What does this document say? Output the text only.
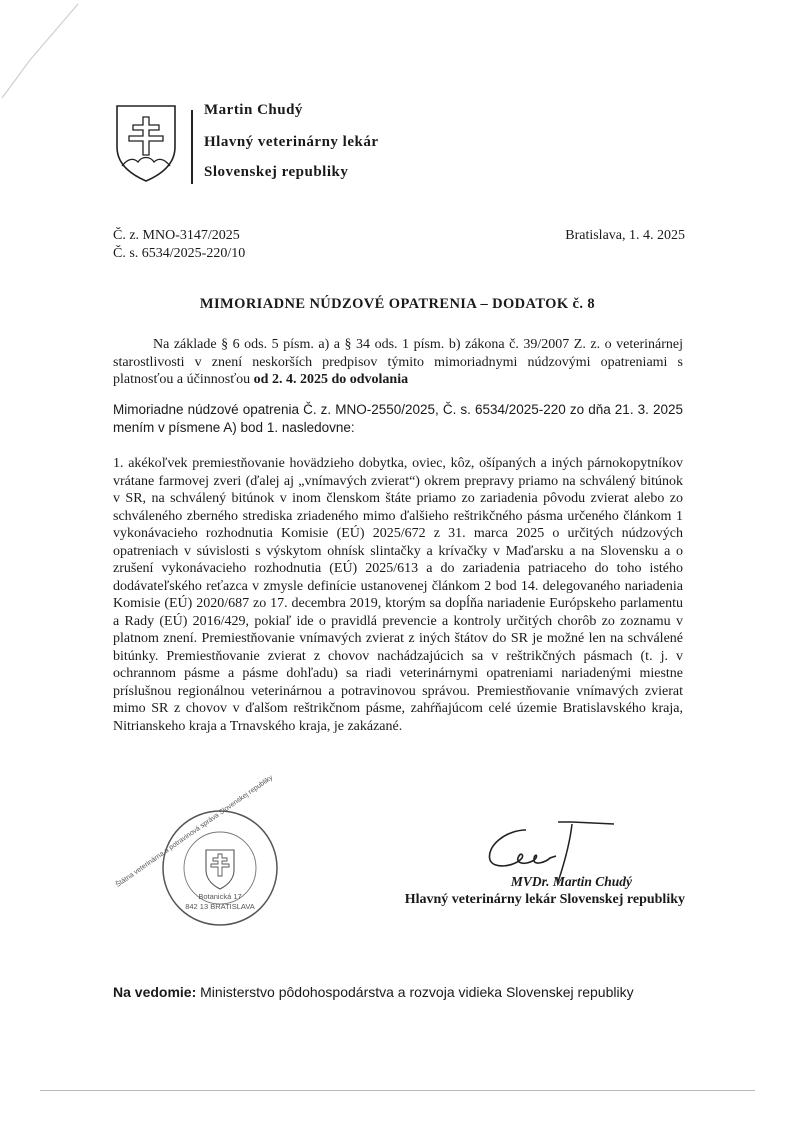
Martin Chudý
Hlavný veterinárny lekár
Slovenskej republiky
Č. z. MNO-3147/2025
Č. s. 6534/2025-220/10
Bratislava, 1. 4. 2025
MIMORIADNE NÚDZOVÉ OPATRENIA – DODATOK č. 8
Na základe § 6 ods. 5 písm. a) a § 34 ods. 1 písm. b) zákona č. 39/2007 Z. z. o veterinárnej starostlivosti v znení neskorších predpisov týmito mimoriadnymi núdzovými opatreniami s platnosťou a účinnosťou od 2. 4. 2025 do odvolania
Mimoriadne núdzové opatrenia Č. z. MNO-2550/2025, Č. s. 6534/2025-220 zo dňa 21. 3. 2025 mením v písmene A) bod 1. nasledovne:
1. akékoľvek premiestňovanie hovädzieho dobytka, oviec, kôz, ošípaných a iných párnokopytníkov vrátane farmovej zveri (ďalej aj „vnímavých zvierat“) okrem prepravy priamo na schválený bitúnok v SR, na schválený bitúnok v inom členskom štáte priamo zo zariadenia pôvodu zvierat alebo zo schváleného zberného strediska zriadeného mimo ďalšieho reštrikčného pásma určeného článkom 1 vykonávacieho rozhodnutia Komisie (EÚ) 2025/672 z 31. marca 2025 o určitých núdzových opatreniach v súvislosti s výskytom ohnísk slintačky a krívačky v Maďarsku a na Slovensku a o zrušení vykonávacieho rozhodnutia (EÚ) 2025/613 a do zariadenia patriaceho do toho istého dodávateľského reťazca v zmysle definície ustanovenej článkom 2 bod 14. delegovaného nariadenia Komisie (EÚ) 2020/687 zo 17. decembra 2019, ktorým sa dopĺňa nariadenie Európskeho parlamentu a Rady (EÚ) 2016/429, pokiaľ ide o pravidlá prevencie a kontroly určitých chorôb zo zoznamu v platnom znení. Premiestňovanie vnímavých zvierat z iných štátov do SR je možné len na schválené bitúnky. Premiestňovanie zvierat z chovov nachádzajúcich sa v reštrikčných pásmach (t. j. v ochrannom pásme a pásme dohľadu) sa riadi veterinárnymi opatreniami nariadenými miestne príslušnou regionálnou veterinárnou a potravinovou správou. Premiestňovanie vnímavých zvierat mimo SR z chovov v ďalšom reštrikčnom pásme, zahŕňajúcom celé územie Bratislavského kraja, Nitrianskeho kraja a Trnavského kraja, je zakázané.
Štátna veterinárna a potravinová správa Slovenskej republiky
Botanická 17
842 13 BRATISLAVA
MVDr. Martin Chudý
Hlavný veterinárny lekár Slovenskej republiky
Na vedomie: Ministerstvo pôdohospodárstva a rozvoja vidieka Slovenskej republiky
